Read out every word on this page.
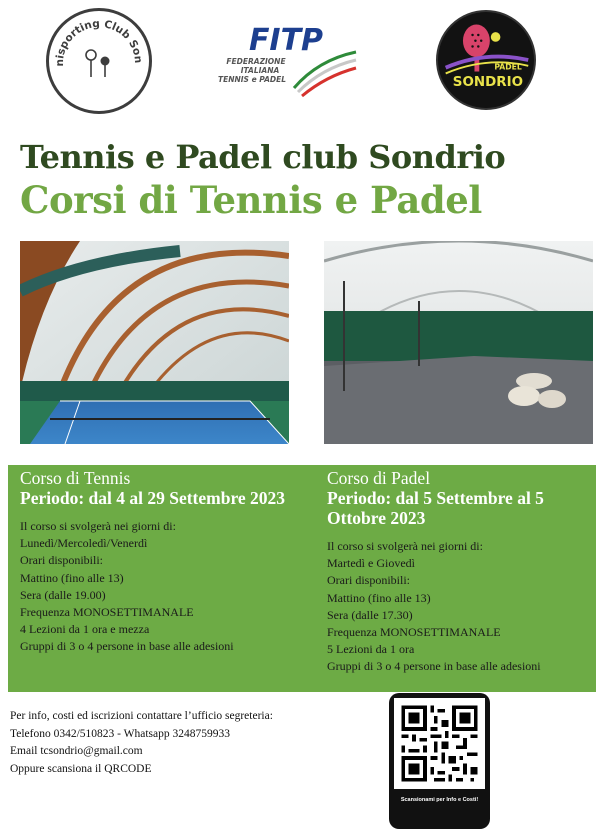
nisporting Club Son
FITP
FEDERAZIONE
ITALIANA
TENNIS e PADEL
PADEL
SONDRIO
Tennis e Padel club Sondrio
Corsi di Tennis e Padel
Corso di Tennis
Periodo: dal 4 al 29 Settembre 2023
Il corso si svolgerà nei giorni di:
Lunedì/Mercoledì/Venerdì
Orari disponibili:
Mattino (fino alle 13)
Sera (dalle 19.00)
Frequenza MONOSETTIMANALE
4 Lezioni da 1 ora e mezza
Gruppi di 3 o 4 persone in base alle adesioni
Corso di Padel
Periodo: dal 5 Settembre al 5 Ottobre 2023
Il corso si svolgerà nei giorni di:
Martedì e Giovedì
Orari disponibili:
Mattino (fino alle 13)
Sera (dalle 17.30)
Frequenza MONOSETTIMANALE
5 Lezioni da 1 ora
Gruppi di 3 o 4 persone in base alle adesioni
Per info, costi ed iscrizioni contattare l’ufficio segreteria:
Telefono 0342/510823 - Whatsapp 3248759933
Email tcsondrio@gmail.com
Oppure scansiona il QRCODE
Scansionami per Info e Costi!
